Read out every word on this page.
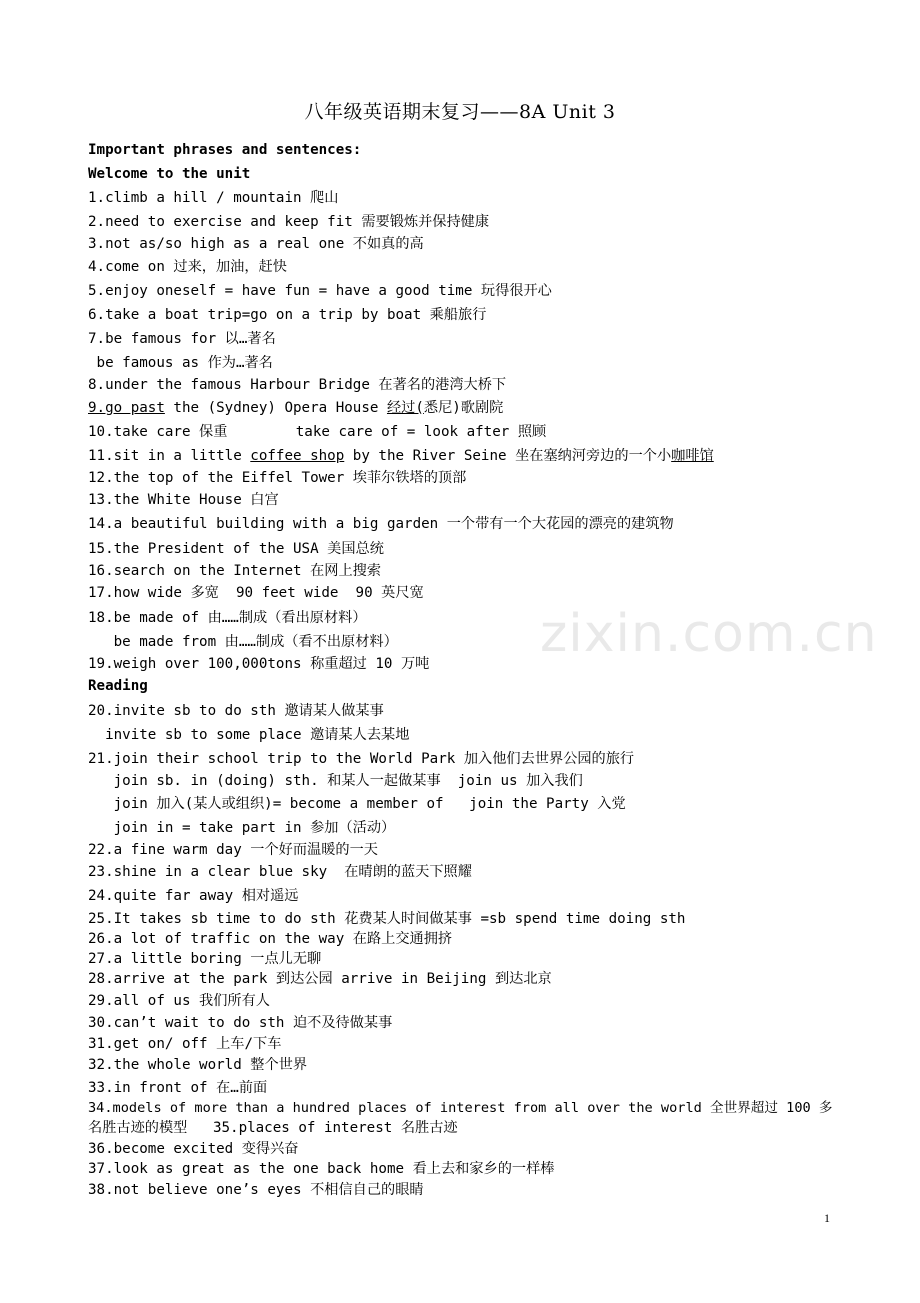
zixin.com.cn
八年级英语期末复习——8A Unit 3
Important phrases and sentences:
Welcome to the unit
1.climb a hill / mountain 爬山
2.need to exercise and keep fit 需要锻炼并保持健康
3.not as/so high as a real one 不如真的高
4.come on 过来，加油，赶快
5.enjoy oneself = have fun = have a good time 玩得很开心
6.take a boat trip=go on a trip by boat 乘船旅行
7.be famous for 以…著名
be famous as 作为…著名
8.under the famous Harbour Bridge 在著名的港湾大桥下
9.go past the (Sydney) Opera House 经过(悉尼)歌剧院
10.take care 保重        take care of = look after 照顾
11.sit in a little coffee shop by the River Seine 坐在塞纳河旁边的一个小咖啡馆
12.the top of the Eiffel Tower 埃菲尔铁塔的顶部
13.the White House 白宫
14.a beautiful building with a big garden 一个带有一个大花园的漂亮的建筑物
15.the President of the USA 美国总统
16.search on the Internet 在网上搜索
17.how wide 多宽  90 feet wide  90 英尺宽
18.be made of 由……制成（看出原材料）
be made from 由……制成（看不出原材料）
19.weigh over 100,000tons 称重超过 10 万吨
Reading
20.invite sb to do sth 邀请某人做某事
invite sb to some place 邀请某人去某地
21.join their school trip to the World Park 加入他们去世界公园的旅行
join sb. in (doing) sth. 和某人一起做某事  join us 加入我们
join 加入(某人或组织)= become a member of   join the Party 入党
join in = take part in 参加（活动）
22.a fine warm day 一个好而温暖的一天
23.shine in a clear blue sky  在晴朗的蓝天下照耀
24.quite far away 相对遥远
25.It takes sb time to do sth 花费某人时间做某事 =sb spend time doing sth
26.a lot of traffic on the way 在路上交通拥挤
27.a little boring 一点儿无聊
28.arrive at the park 到达公园 arrive in Beijing 到达北京
29.all of us 我们所有人
30.can’t wait to do sth 迫不及待做某事
31.get on/ off 上车/下车
32.the whole world 整个世界
33.in front of 在…前面
34.models of more than a hundred places of interest from all over the world 全世界超过 100 多
名胜古迹的模型   35.places of interest 名胜古迹
36.become excited 变得兴奋
37.look as great as the one back home 看上去和家乡的一样棒
38.not believe one’s eyes 不相信自己的眼睛
1
